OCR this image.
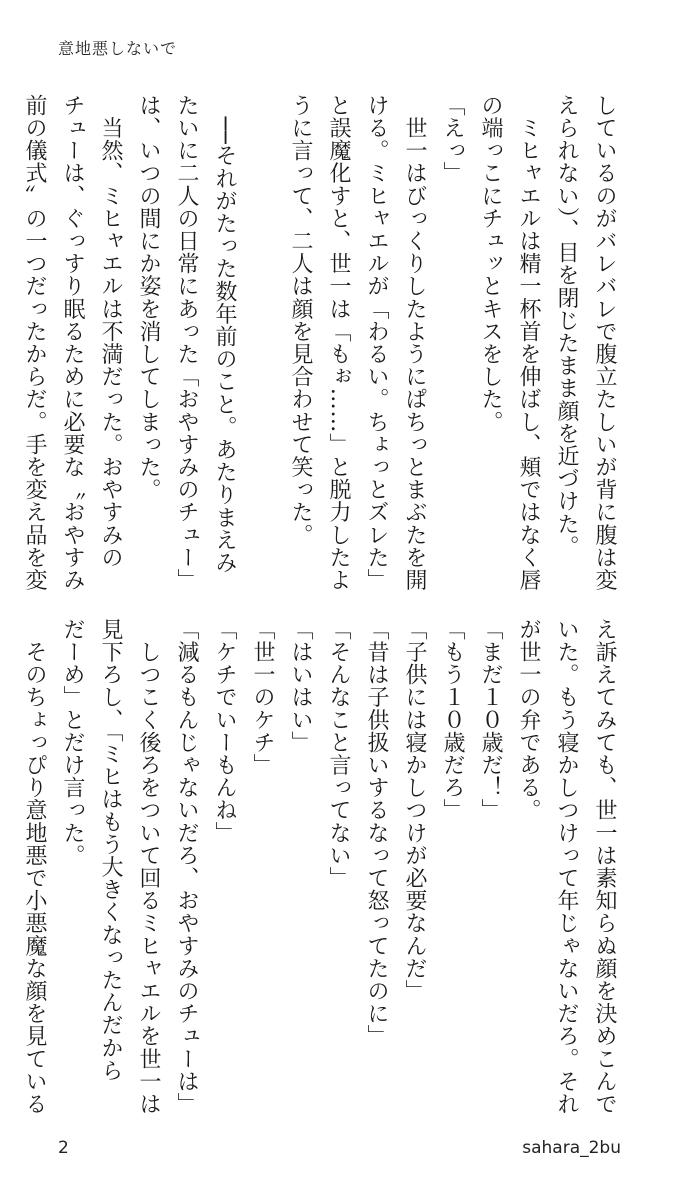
意地悪しないで
しているのがバレバレで腹立たしいが背に腹は変
えられない）、目を閉じたまま顔を近づけた。
　ミヒャエルは精一杯首を伸ばし、頬ではなく唇
の端っこにチュッとキスをした。
「えっ」
　世一はびっくりしたようにぱちっとまぶたを開
ける。ミヒャエルが「わるい。ちょっとズレた」
と誤魔化すと、世一は「もぉ……」と脱力したよ
うに言って、二人は顔を見合わせて笑った。
　──それがたった数年前のこと。あたりまえみ
たいに二人の日常にあった「おやすみのチュー」
は、いつの間にか姿を消してしまった。
　当然、ミヒャエルは不満だった。おやすみの
チューは、ぐっすり眠るために必要な〝おやすみ
前の儀式〟の一つだったからだ。手を変え品を変
え訴えてみても、世一は素知らぬ顔を決めこんで
いた。もう寝かしつけって年じゃないだろ。それ
が世一の弁である。
「まだ１０歳だ！」
「もう１０歳だろ」
「子供には寝かしつけが必要なんだ」
「昔は子供扱いするなって怒ってたのに」
「そんなこと言ってない」
「はいはい」
「世一のケチ」
「ケチでいーもんね」
「減るもんじゃないだろ、おやすみのチューは」
　しつこく後ろをついて回るミヒャエルを世一は
見下ろし、「ミヒはもう大きくなったんだから
だーめ」とだけ言った。
　そのちょっぴり意地悪で小悪魔な顔を見ている
2	sahara_2bu
